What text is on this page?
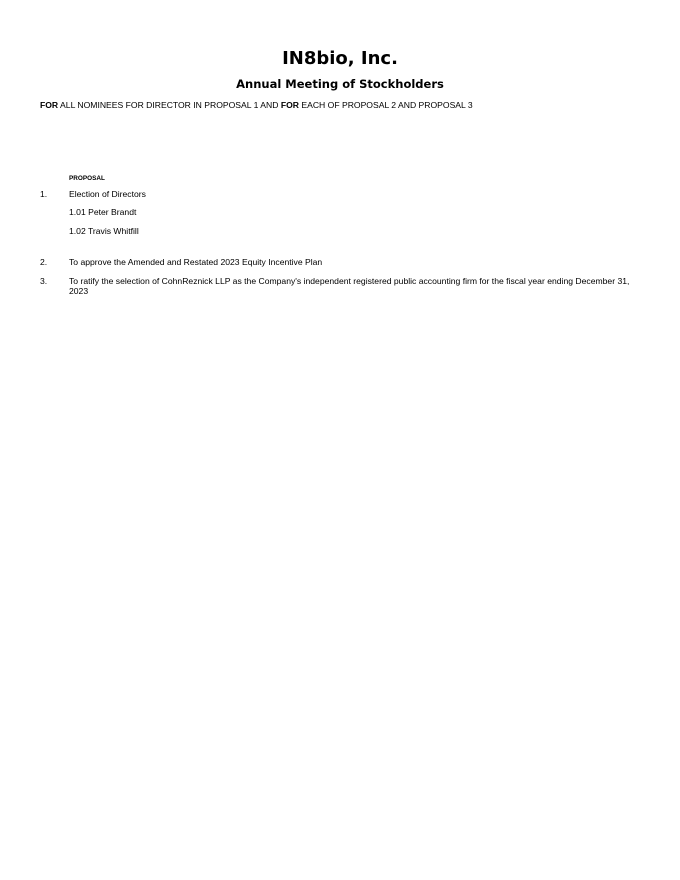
IN8bio, Inc.
Annual Meeting of Stockholders
FOR ALL NOMINEES FOR DIRECTOR IN PROPOSAL 1 AND FOR EACH OF PROPOSAL 2 AND PROPOSAL 3
PROPOSAL
1.	Election of Directors
1.01 Peter Brandt
1.02 Travis Whitfill
2.	To approve the Amended and Restated 2023 Equity Incentive Plan
3.	To ratify the selection of CohnReznick LLP as the Company's independent registered public accounting firm for the fiscal year ending December 31, 2023
